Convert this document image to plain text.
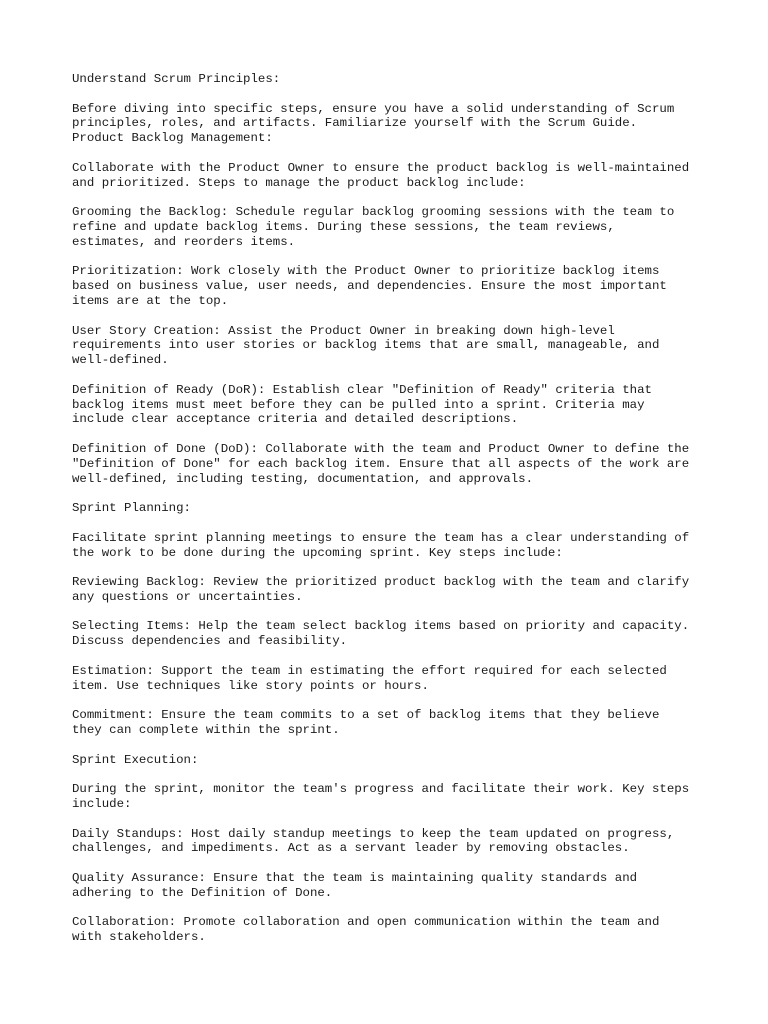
Understand Scrum Principles:
Before diving into specific steps, ensure you have a solid understanding of Scrum
principles, roles, and artifacts. Familiarize yourself with the Scrum Guide.
Product Backlog Management:
Collaborate with the Product Owner to ensure the product backlog is well-maintained
and prioritized. Steps to manage the product backlog include:
Grooming the Backlog: Schedule regular backlog grooming sessions with the team to
refine and update backlog items. During these sessions, the team reviews,
estimates, and reorders items.
Prioritization: Work closely with the Product Owner to prioritize backlog items
based on business value, user needs, and dependencies. Ensure the most important
items are at the top.
User Story Creation: Assist the Product Owner in breaking down high-level
requirements into user stories or backlog items that are small, manageable, and
well-defined.
Definition of Ready (DoR): Establish clear "Definition of Ready" criteria that
backlog items must meet before they can be pulled into a sprint. Criteria may
include clear acceptance criteria and detailed descriptions.
Definition of Done (DoD): Collaborate with the team and Product Owner to define the
"Definition of Done" for each backlog item. Ensure that all aspects of the work are
well-defined, including testing, documentation, and approvals.
Sprint Planning:
Facilitate sprint planning meetings to ensure the team has a clear understanding of
the work to be done during the upcoming sprint. Key steps include:
Reviewing Backlog: Review the prioritized product backlog with the team and clarify
any questions or uncertainties.
Selecting Items: Help the team select backlog items based on priority and capacity.
Discuss dependencies and feasibility.
Estimation: Support the team in estimating the effort required for each selected
item. Use techniques like story points or hours.
Commitment: Ensure the team commits to a set of backlog items that they believe
they can complete within the sprint.
Sprint Execution:
During the sprint, monitor the team's progress and facilitate their work. Key steps
include:
Daily Standups: Host daily standup meetings to keep the team updated on progress,
challenges, and impediments. Act as a servant leader by removing obstacles.
Quality Assurance: Ensure that the team is maintaining quality standards and
adhering to the Definition of Done.
Collaboration: Promote collaboration and open communication within the team and
with stakeholders.
